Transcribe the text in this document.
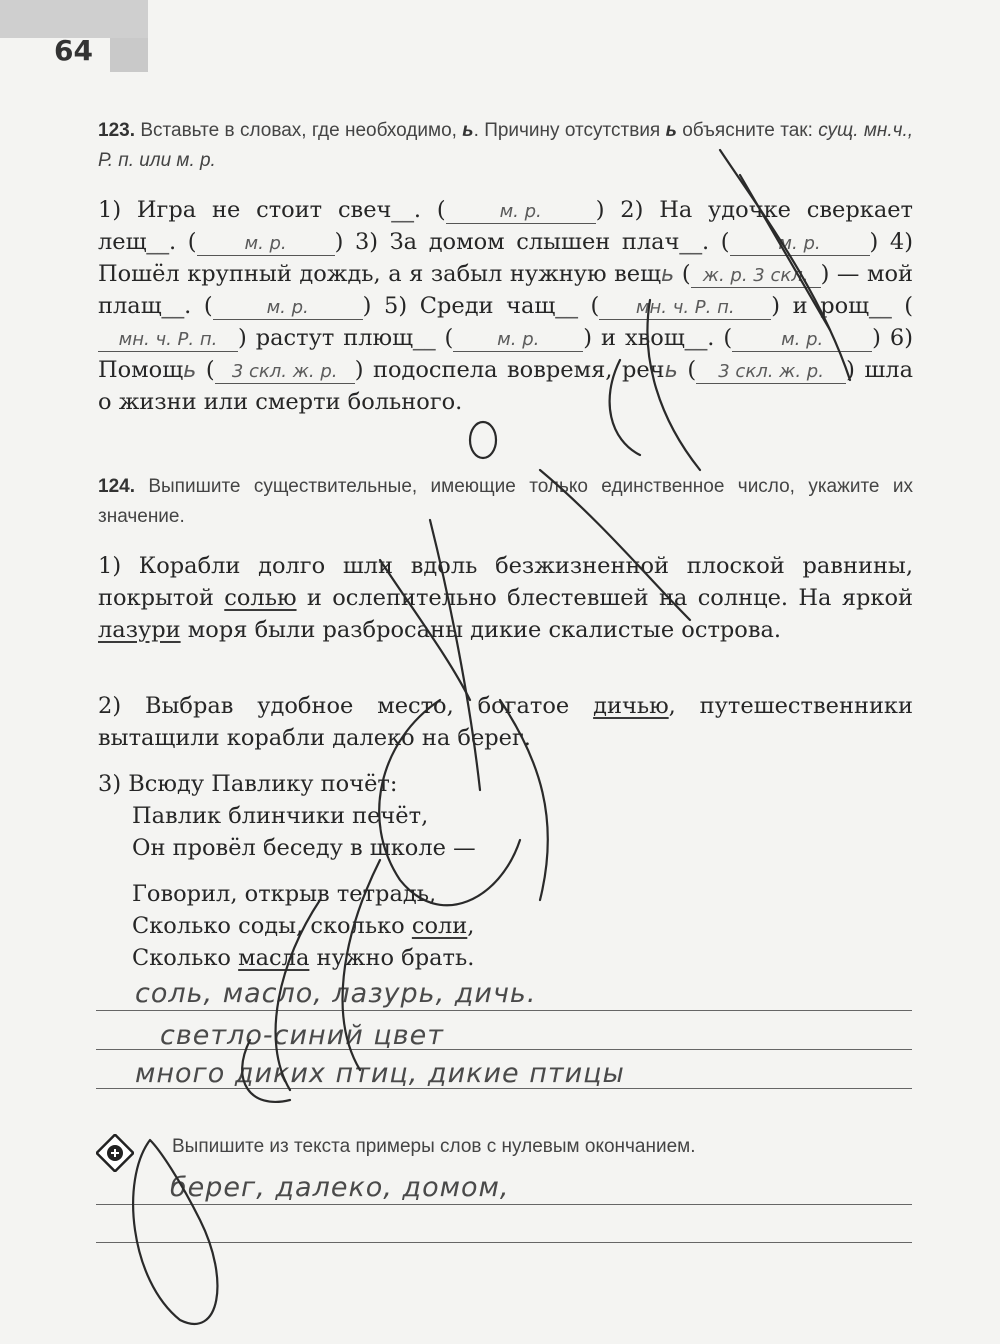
64
123. Вставьте в словах, где необходимо, ь. Причину отсутствия ь объясните так: сущ. мн.ч., Р. п. или м. р.
1) Игра не стоит свеч__. (	м. р. ) 2) На удочке сверкает лещ__. (	м. р. ) 3) За домом слышен плач__. (	м. р. ) 4) Пошёл крупный дождь, а я забыл нужную вещь ( ж. р. 3 скл. ) — мой плащ__. (	м. р. ) 5) Среди чащ__ ( мн. ч. Р. п. ) и рощ__ (мн. ч. Р. п. ) растут плющ__ ( м. р. ) и хвощ__. (	м. р. ) 6) Помощь ( 3 скл. ж. р. ) подоспела вовремя, речь ( 3 скл. ж. р. ) шла о жизни или смерти больного.
124. Выпишите существительные, имеющие только единственное число, укажите их значение.
1) Корабли долго шли вдоль безжизненной плоской равнины, покрытой солью и ослепительно блестевшей на солнце. На яркой лазури моря были разбросаны дикие скалистые острова.
2) Выбрав удобное место, богатое дичью, путешественники вытащили корабли далеко на берег.
3) Всюду Павлику почёт:
Павлик блинчики печёт,
Он провёл беседу в школе —
Говорил, открыв тетрадь,
Сколько соды, сколько соли,
Сколько масла нужно брать.
соль, масло, лазурь, дичь.
светло-синий цвет
много диких птиц, дикие птицы
Выпишите из текста примеры слов с нулевым окончанием.
берег, далеко, домом,
